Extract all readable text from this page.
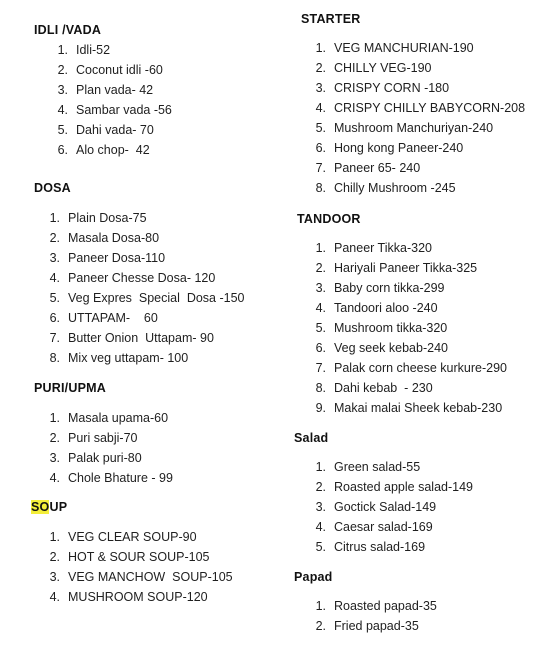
IDLI /VADA
1. Idli-52
2. Coconut idli -60
3. Plan vada- 42
4. Sambar vada -56
5. Dahi vada- 70
6. Alo chop-  42
DOSA
1. Plain Dosa-75
2. Masala Dosa-80
3. Paneer Dosa-110
4. Paneer Chesse Dosa- 120
5. Veg Expres  Special  Dosa -150
6. UTTAPAM-    60
7. Butter Onion  Uttapam- 90
8. Mix veg uttapam- 100
PURI/UPMA
1. Masala upama-60
2. Puri sabji-70
3. Palak puri-80
4. Chole Bhature - 99
SOUP
1. VEG CLEAR SOUP-90
2. HOT & SOUR SOUP-105
3. VEG MANCHOW  SOUP-105
4. MUSHROOM SOUP-120
STARTER
1. VEG MANCHURIAN-190
2. CHILLY VEG-190
3. CRISPY CORN -180
4. CRISPY CHILLY BABYCORN-208
5. Mushroom Manchuriyan-240
6. Hong kong Paneer-240
7. Paneer 65- 240
8. Chilly Mushroom -245
TANDOOR
1. Paneer Tikka-320
2. Hariyali Paneer Tikka-325
3. Baby corn tikka-299
4. Tandoori aloo -240
5. Mushroom tikka-320
6. Veg seek kebab-240
7. Palak corn cheese kurkure-290
8. Dahi kebab  - 230
9. Makai malai Sheek kebab-230
Salad
1. Green salad-55
2. Roasted apple salad-149
3. Goctick Salad-149
4. Caesar salad-169
5. Citrus salad-169
Papad
1. Roasted papad-35
2. Fried papad-35
